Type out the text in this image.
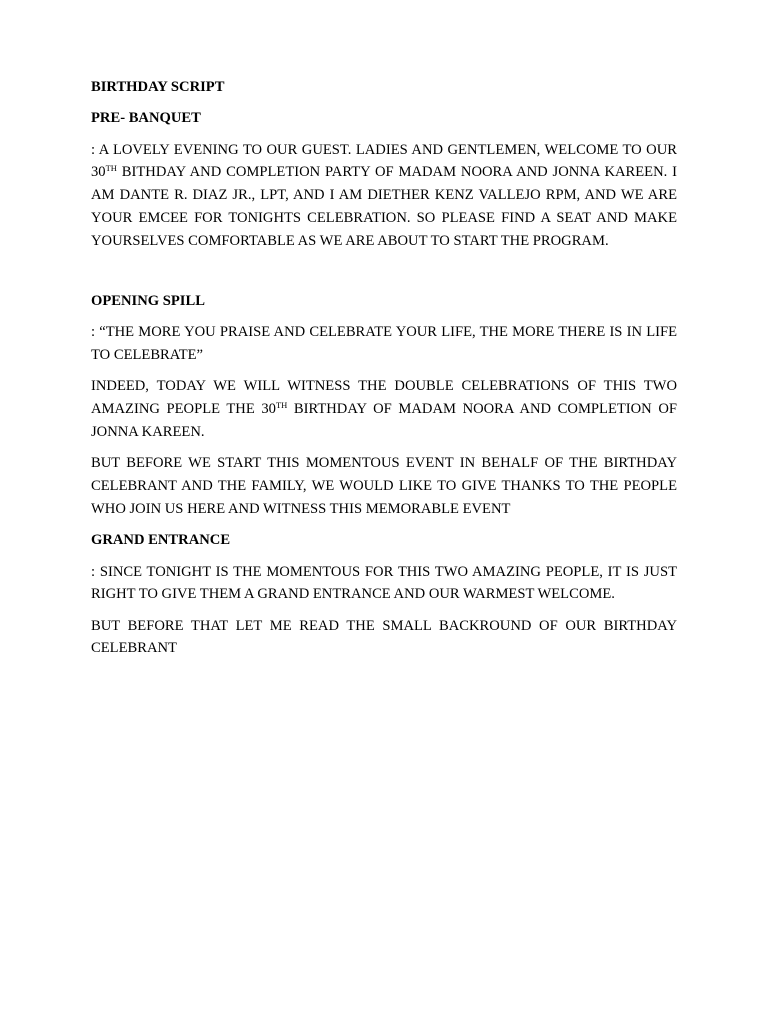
BIRTHDAY SCRIPT
PRE- BANQUET
: A LOVELY EVENING TO OUR GUEST. LADIES AND GENTLEMEN, WELCOME TO OUR 30TH BITHDAY AND COMPLETION PARTY OF MADAM NOORA AND JONNA KAREEN. I AM DANTE R. DIAZ JR., LPT, AND I AM DIETHER KENZ VALLEJO RPM, AND WE ARE YOUR EMCEE FOR TONIGHTS CELEBRATION. SO PLEASE FIND A SEAT AND MAKE YOURSELVES COMFORTABLE AS WE ARE ABOUT TO START THE PROGRAM.
OPENING SPILL
: “THE MORE YOU PRAISE AND CELEBRATE YOUR LIFE, THE MORE THERE IS IN LIFE TO CELEBRATE”
INDEED, TODAY WE WILL WITNESS THE DOUBLE CELEBRATIONS OF THIS TWO AMAZING PEOPLE THE 30TH BIRTHDAY OF MADAM NOORA AND COMPLETION OF JONNA KAREEN.
BUT BEFORE WE START THIS MOMENTOUS EVENT IN BEHALF OF THE BIRTHDAY CELEBRANT AND THE FAMILY, WE WOULD LIKE TO GIVE THANKS TO THE PEOPLE WHO JOIN US HERE AND WITNESS THIS MEMORABLE EVENT
GRAND ENTRANCE
: SINCE TONIGHT IS THE MOMENTOUS FOR THIS TWO AMAZING PEOPLE, IT IS JUST RIGHT TO GIVE THEM A GRAND ENTRANCE AND OUR WARMEST WELCOME.
BUT BEFORE THAT LET ME READ THE SMALL BACKROUND OF OUR BIRTHDAY CELEBRANT
